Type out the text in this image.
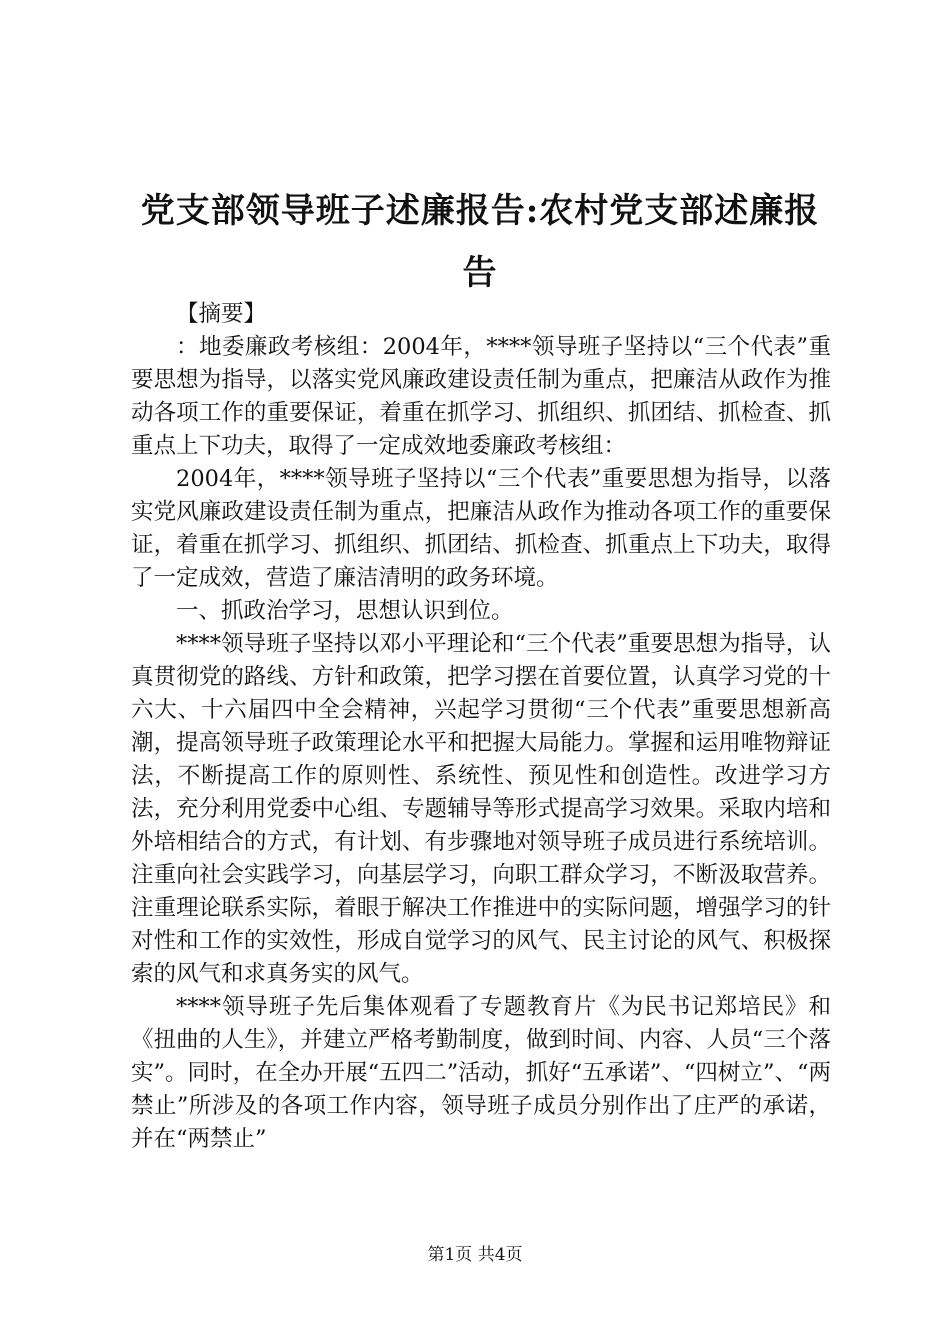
党支部领导班子述廉报告:农村党支部述廉报告

【摘要】

：地委廉政考核组：2004年，****领导班子坚持以“三个代表”重要思想为指导，以落实党风廉政建设责任制为重点，把廉洁从政作为推动各项工作的重要保证，着重在抓学习、抓组织、抓团结、抓检查、抓重点上下功夫，取得了一定成效地委廉政考核组：

2004年，****领导班子坚持以“三个代表”重要思想为指导，以落实党风廉政建设责任制为重点，把廉洁从政作为推动各项工作的重要保证，着重在抓学习、抓组织、抓团结、抓检查、抓重点上下功夫，取得了一定成效，营造了廉洁清明的政务环境。

一、抓政治学习，思想认识到位。

****领导班子坚持以邓小平理论和“三个代表”重要思想为指导，认真贯彻党的路线、方针和政策，把学习摆在首要位置，认真学习党的十六大、十六届四中全会精神，兴起学习贯彻“三个代表”重要思想新高潮，提高领导班子政策理论水平和把握大局能力。掌握和运用唯物辩证法，不断提高工作的原则性、系统性、预见性和创造性。改进学习方法，充分利用党委中心组、专题辅导等形式提高学习效果。采取内培和外培相结合的方式，有计划、有步骤地对领导班子成员进行系统培训。注重向社会实践学习，向基层学习，向职工群众学习，不断汲取营养。注重理论联系实际，着眼于解决工作推进中的实际问题，增强学习的针对性和工作的实效性，形成自觉学习的风气、民主讨论的风气、积极探索的风气和求真务实的风气。

****领导班子先后集体观看了专题教育片《为民书记郑培民》和《扭曲的人生》，并建立严格考勤制度，做到时间、内容、人员“三个落实”。同时，在全办开展“五四二”活动，抓好“五承诺”、“四树立”、“两禁止”所涉及的各项工作内容，领导班子成员分别作出了庄严的承诺，并在“两禁止”

第1页 共4页
